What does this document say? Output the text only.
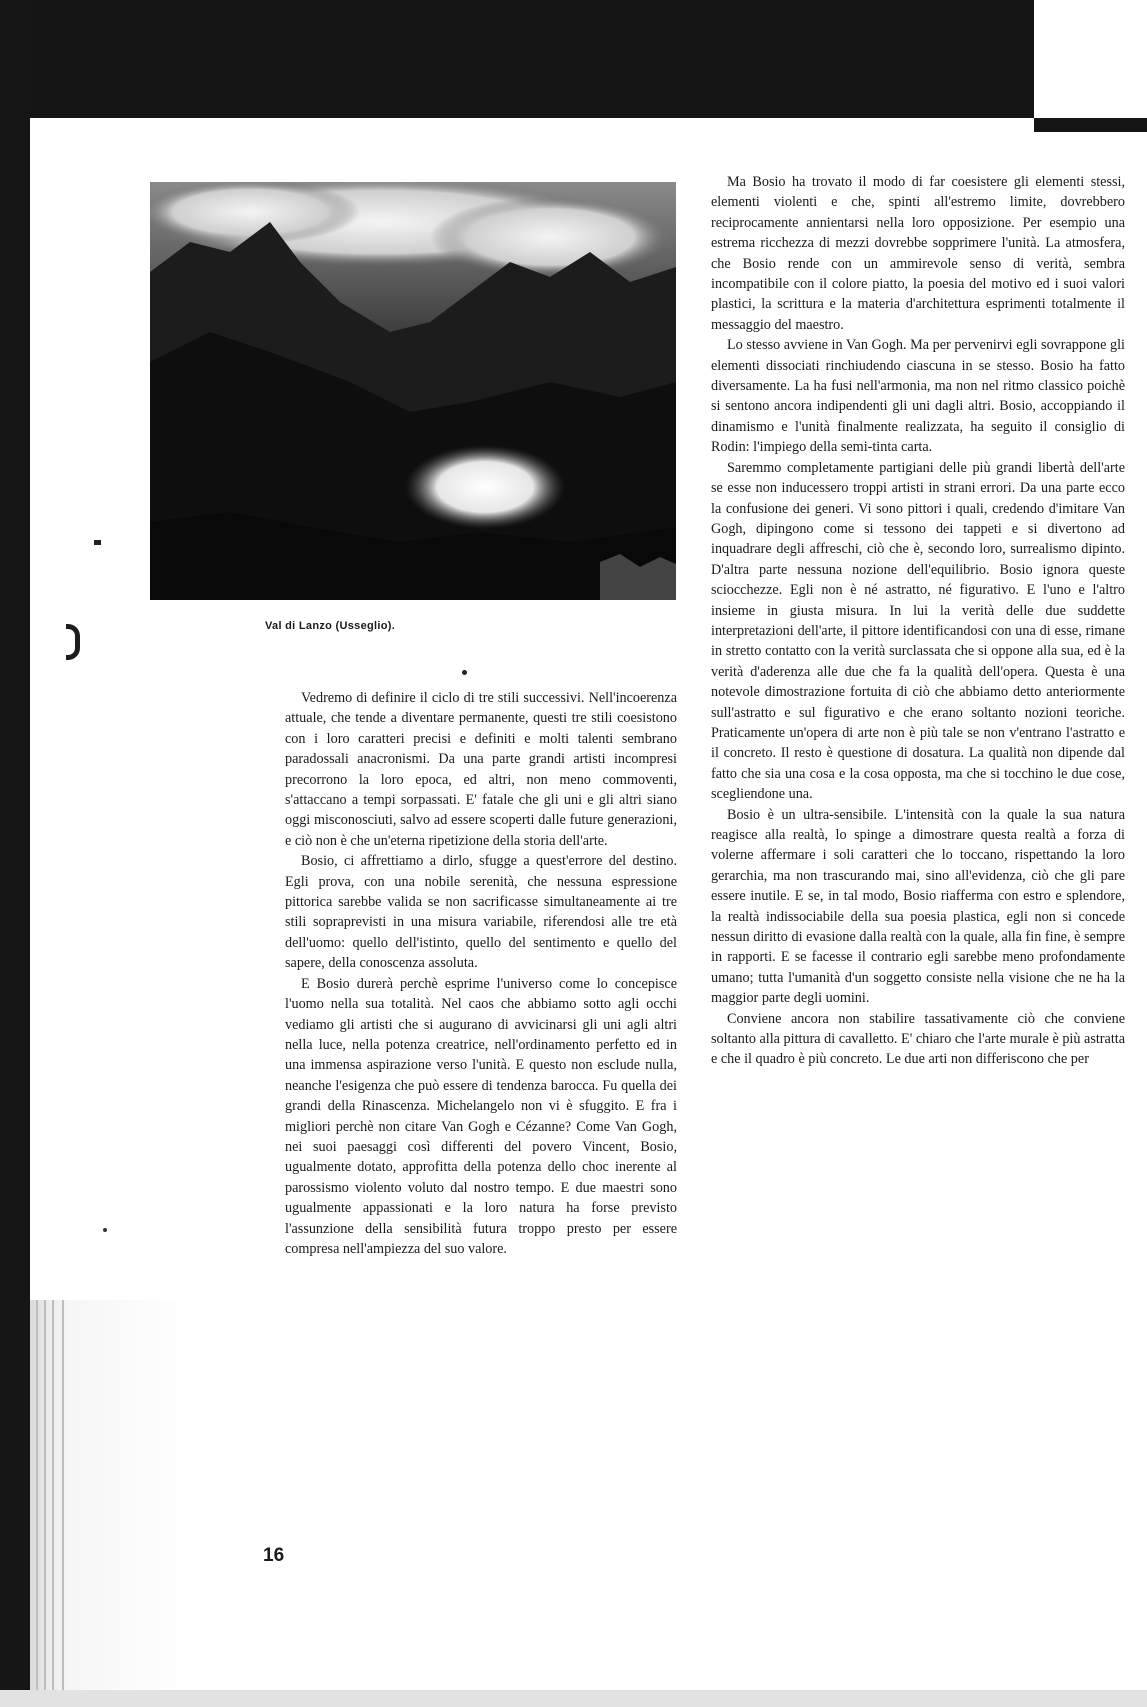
Val di Lanzo (Usseglio).

Vedremo di definire il ciclo di tre stili successivi. Nell'incoerenza attuale, che tende a diventare permanente, questi tre stili coesistono con i loro caratteri precisi e definiti e molti talenti sembrano paradossali anacronismi. Da una parte grandi artisti incompresi precorrono la loro epoca, ed altri, non meno commoventi, s'attaccano a tempi sorpassati. E' fatale che gli uni e gli altri siano oggi misconosciuti, salvo ad essere scoperti dalle future generazioni, e ciò non è che un'eterna ripetizione della storia dell'arte.

Bosio, ci affrettiamo a dirlo, sfugge a quest'errore del destino. Egli prova, con una nobile serenità, che nessuna espressione pittorica sarebbe valida se non sacrificasse simultaneamente ai tre stili sopraprevisti in una misura variabile, riferendosi alle tre età dell'uomo: quello dell'istinto, quello del sentimento e quello del sapere, della conoscenza assoluta.

E Bosio durerà perchè esprime l'universo come lo concepisce l'uomo nella sua totalità. Nel caos che abbiamo sotto agli occhi vediamo gli artisti che si augurano di avvicinarsi gli uni agli altri nella luce, nella potenza creatrice, nell'ordinamento perfetto ed in una immensa aspirazione verso l'unità. E questo non esclude nulla, neanche l'esigenza che può essere di tendenza barocca. Fu quella dei grandi della Rinascenza. Michelangelo non vi è sfuggito. E fra i migliori perchè non citare Van Gogh e Cézanne? Come Van Gogh, nei suoi paesaggi così differenti del povero Vincent, Bosio, ugualmente dotato, approfitta della potenza dello choc inerente al parossismo violento voluto dal nostro tempo. E due maestri sono ugualmente appassionati e la loro natura ha forse previsto l'assunzione della sensibilità futura troppo presto per essere compresa nell'ampiezza del suo valore.

Ma Bosio ha trovato il modo di far coesistere gli elementi stessi, elementi violenti e che, spinti all'estremo limite, dovrebbero reciprocamente annientarsi nella loro opposizione. Per esempio una estrema ricchezza di mezzi dovrebbe sopprimere l'unità. La atmosfera, che Bosio rende con un ammirevole senso di verità, sembra incompatibile con il colore piatto, la poesia del motivo ed i suoi valori plastici, la scrittura e la materia d'architettura esprimenti totalmente il messaggio del maestro.

Lo stesso avviene in Van Gogh. Ma per pervenirvi egli sovrappone gli elementi dissociati rinchiudendo ciascuna in se stesso. Bosio ha fatto diversamente. La ha fusi nell'armonia, ma non nel ritmo classico poichè si sentono ancora indipendenti gli uni dagli altri. Bosio, accoppiando il dinamismo e l'unità finalmente realizzata, ha seguito il consiglio di Rodin: l'impiego della semi-tinta carta.

Saremmo completamente partigiani delle più grandi libertà dell'arte se esse non inducessero troppi artisti in strani errori. Da una parte ecco la confusione dei generi. Vi sono pittori i quali, credendo d'imitare Van Gogh, dipingono come si tessono dei tappeti e si divertono ad inquadrare degli affreschi, ciò che è, secondo loro, surrealismo dipinto. D'altra parte nessuna nozione dell'equilibrio. Bosio ignora queste sciocchezze. Egli non è né astratto, né figurativo. E l'uno e l'altro insieme in giusta misura. In lui la verità delle due suddette interpretazioni dell'arte, il pittore identificandosi con una di esse, rimane in stretto contatto con la verità surclassata che si oppone alla sua, ed è la verità d'aderenza alle due che fa la qualità dell'opera. Questa è una notevole dimostrazione fortuita di ciò che abbiamo detto anteriormente sull'astratto e sul figurativo e che erano soltanto nozioni teoriche. Praticamente un'opera di arte non è più tale se non v'entrano l'astratto e il concreto. Il resto è questione di dosatura. La qualità non dipende dal fatto che sia una cosa e la cosa opposta, ma che si tocchino le due cose, scegliendone una.

Bosio è un ultra-sensibile. L'intensità con la quale la sua natura reagisce alla realtà, lo spinge a dimostrare questa realtà a forza di volerne affermare i soli caratteri che lo toccano, rispettando la loro gerarchia, ma non trascurando mai, sino all'evidenza, ciò che gli pare essere inutile. E se, in tal modo, Bosio riafferma con estro e splendore, la realtà indissociabile della sua poesia plastica, egli non si concede nessun diritto di evasione dalla realtà con la quale, alla fin fine, è sempre in rapporti. E se facesse il contrario egli sarebbe meno profondamente umano; tutta l'umanità d'un soggetto consiste nella visione che ne ha la maggior parte degli uomini.

Conviene ancora non stabilire tassativamente ciò che conviene soltanto alla pittura di cavalletto. E' chiaro che l'arte murale è più astratta e che il quadro è più concreto. Le due arti non differiscono che per

16
